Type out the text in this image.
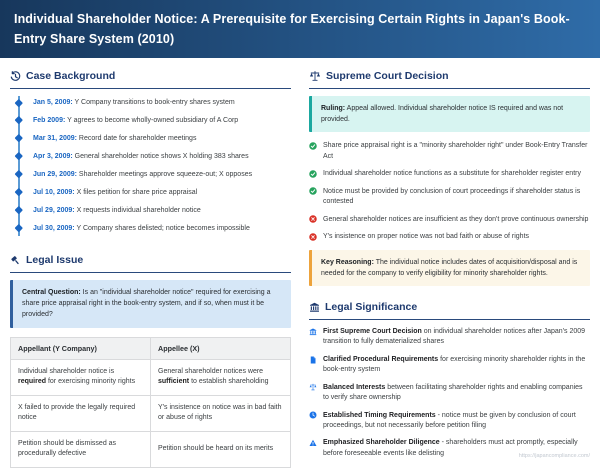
Individual Shareholder Notice: A Prerequisite for Exercising Certain Rights in Japan's Book-Entry Share System (2010)
Case Background
Jan 5, 2009: Y Company transitions to book-entry shares system
Feb 2009: Y agrees to become wholly-owned subsidiary of A Corp
Mar 31, 2009: Record date for shareholder meetings
Apr 3, 2009: General shareholder notice shows X holding 383 shares
Jun 29, 2009: Shareholder meetings approve squeeze-out; X opposes
Jul 10, 2009: X files petition for share price appraisal
Jul 29, 2009: X requests individual shareholder notice
Jul 30, 2009: Y Company shares delisted; notice becomes impossible
Legal Issue
Central Question: Is an "individual shareholder notice" required for exercising a share price appraisal right in the book-entry system, and if so, when must it be provided?
Appellant (Y Company)	Appellee (X)
Individual shareholder notice is required for exercising minority rights	General shareholder notices were sufficient to establish shareholding
X failed to provide the legally required notice	Y's insistence on notice was in bad faith or abuse of rights
Petition should be dismissed as procedurally defective	Petition should be heard on its merits
Supreme Court Decision
Ruling: Appeal allowed. Individual shareholder notice IS required and was not provided.
Share price appraisal right is a "minority shareholder right" under Book-Entry Transfer Act
Individual shareholder notice functions as a substitute for shareholder register entry
Notice must be provided by conclusion of court proceedings if shareholder status is contested
General shareholder notices are insufficient as they don't prove continuous ownership
Y's insistence on proper notice was not bad faith or abuse of rights
Key Reasoning: The individual notice includes dates of acquisition/disposal and is needed for the company to verify eligibility for minority shareholder rights.
Legal Significance
First Supreme Court Decision on individual shareholder notices after Japan's 2009 transition to fully dematerialized shares
Clarified Procedural Requirements for exercising minority shareholder rights in the book-entry system
Balanced Interests between facilitating shareholder rights and enabling companies to verify share ownership
Established Timing Requirements - notice must be given by conclusion of court proceedings, but not necessarily before petition filing
Emphasized Shareholder Diligence - shareholders must act promptly, especially before foreseeable events like delisting	https://japancompliance.com/
